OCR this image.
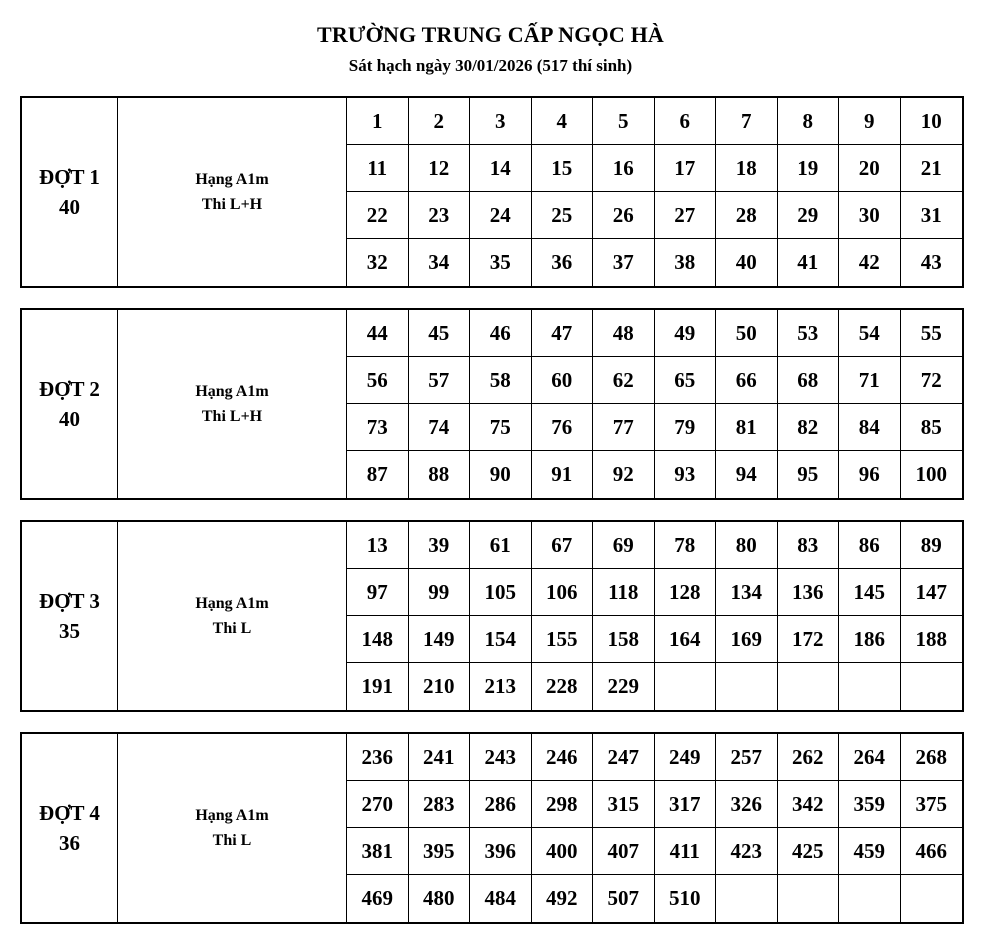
TRƯỜNG TRUNG CẤP NGỌC HÀ
Sát hạch ngày 30/01/2026 (517 thí sinh)
ĐỢT 1
40
Hạng A1m
Thi L+H
1	2	3	4	5	6	7	8	9	10
11	12	14	15	16	17	18	19	20	21
22	23	24	25	26	27	28	29	30	31
32	34	35	36	37	38	40	41	42	43
ĐỢT 2
40
Hạng A1m
Thi L+H
44	45	46	47	48	49	50	53	54	55
56	57	58	60	62	65	66	68	71	72
73	74	75	76	77	79	81	82	84	85
87	88	90	91	92	93	94	95	96	100
ĐỢT 3
35
Hạng A1m
Thi L
13	39	61	67	69	78	80	83	86	89
97	99	105	106	118	128	134	136	145	147
148	149	154	155	158	164	169	172	186	188
191	210	213	228	229
ĐỢT 4
36
Hạng A1m
Thi L
236	241	243	246	247	249	257	262	264	268
270	283	286	298	315	317	326	342	359	375
381	395	396	400	407	411	423	425	459	466
469	480	484	492	507	510
